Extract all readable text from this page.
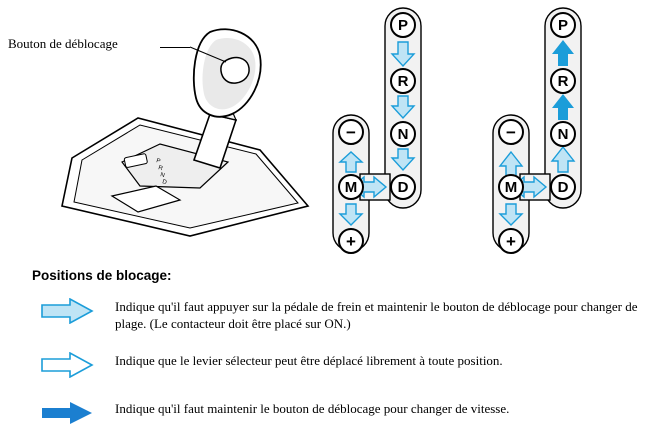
Bouton de déblocage
P
R
N
D
P
R
N
D
M
−
+
P
R
N
D
M
−
+
Positions de blocage:
Indique qu'il faut appuyer sur la pédale de frein et maintenir le bouton de déblocage pour changer de plage. (Le contacteur doit être placé sur ON.)
Indique que le levier sélecteur peut être déplacé librement à toute position.
Indique qu'il faut maintenir le bouton de déblocage pour changer de vitesse.
